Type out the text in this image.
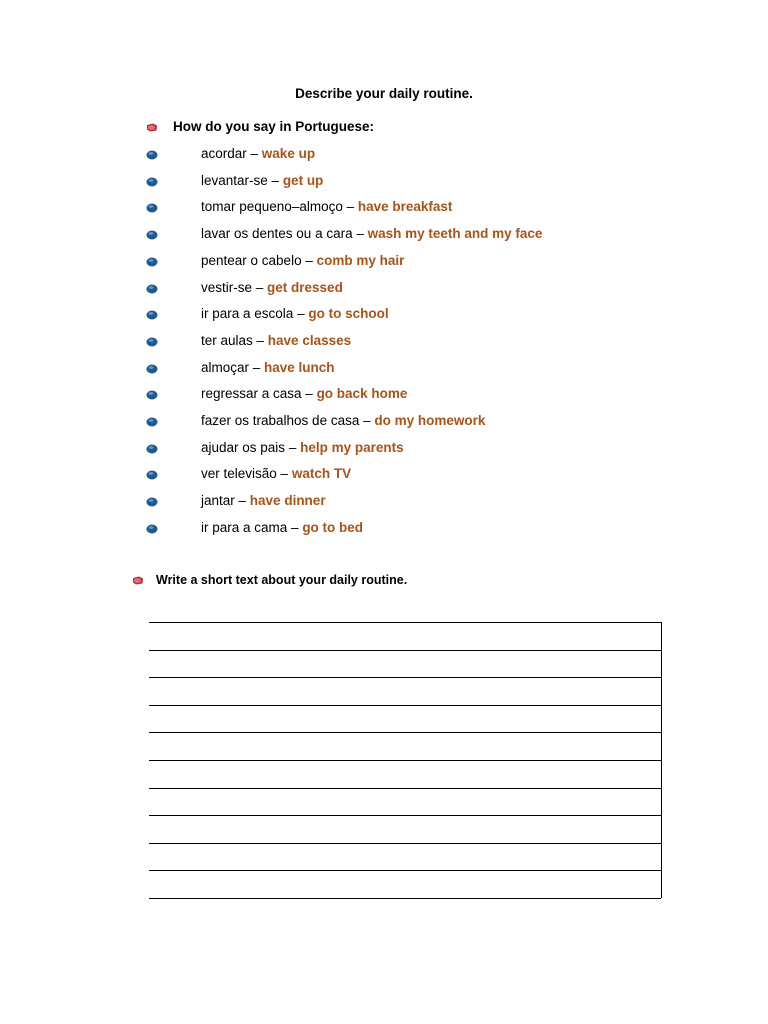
Describe your daily routine.
How do you say in Portuguese:
acordar – wake up
levantar-se – get up
tomar pequeno–almoço – have breakfast
lavar os dentes ou a cara – wash my teeth and my face
pentear o cabelo – comb my hair
vestir-se – get dressed
ir para a escola – go to school
ter aulas – have classes
almoçar – have lunch
regressar a casa – go back home
fazer os trabalhos de casa – do my homework
ajudar os pais – help my parents
ver televisão – watch TV
jantar – have dinner
ir para a cama – go to bed
Write a short text about your daily routine.
